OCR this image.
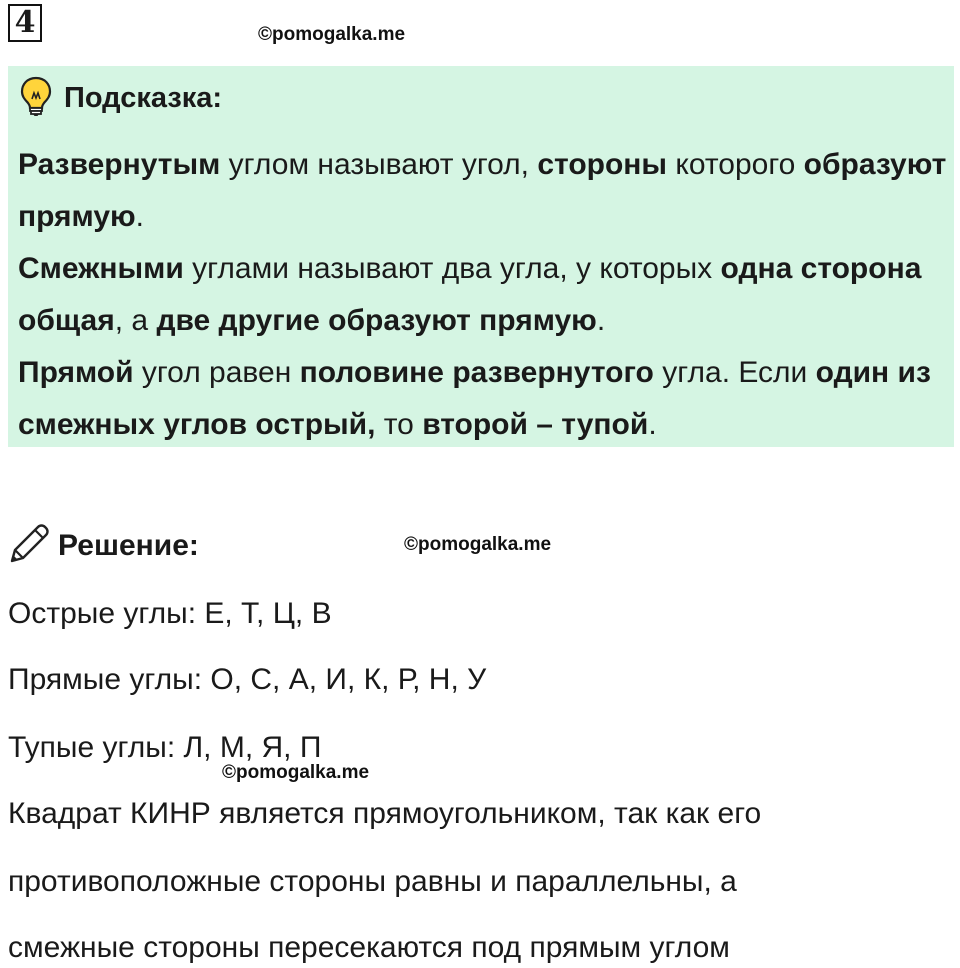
4	©pomogalka.me
Подсказка:

Развернутым углом называют угол, стороны которого образуют прямую.

Смежными углами называют два угла, у которых одна сторона общая, а две другие образуют прямую.

Прямой угол равен половине развернутого угла. Если один из смежных углов острый, то второй – тупой.

Решение:	©pomogalka.me
Острые углы: Е, Т, Ц, В
Прямые углы: О, С, А, И, К, Р, Н, У
Тупые углы: Л, М, Я, П
©pomogalka.me
Квадрат КИНР является прямоугольником, так как его
противоположные стороны равны и параллельны, а
смежные стороны пересекаются под прямым углом
